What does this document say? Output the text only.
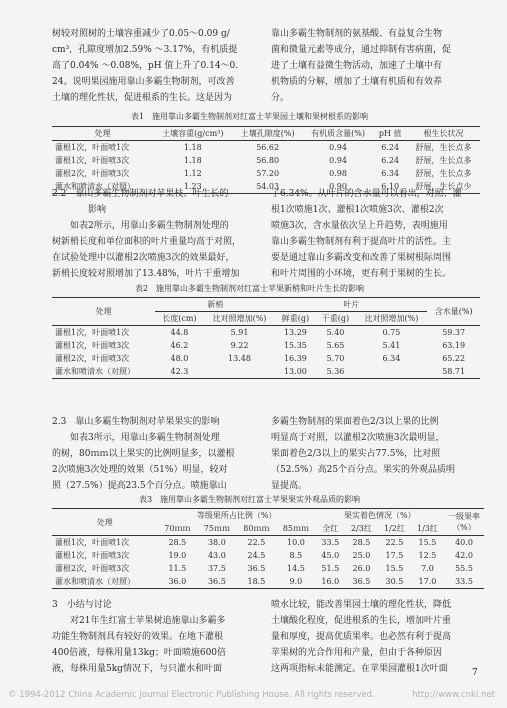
树较对照树的土壤容重减少了0.05～0.09 g/

cm³，孔隙度增加2.59% ～3.17%，有机质提

高了0.04% ～0.08%，pH 值上升了0.14～0.

24。说明果园施用靠山多霸生物制剂，可改善

土壤的理化性状，促进根系的生长。这是因为

靠山多霸生物制剂的氨基酸、有益复合生物

菌和微量元素等成分，通过抑制有害病菌，促

进了土壤有益微生物活动，加速了土壤中有

机物质的分解，增加了土壤有机质和有效养

分。

表1 施用靠山多霸生物制剂对红富士苹果园土壤和果树根系的影响
处理	土壤容重(g/cm³)	土壤孔隙度(%)	有机质含量(%)	pH 值	根生长状况
灌根1次，叶面喷1次	1.18	56.62	0.94	6.24	舒展，生长点多
灌根1次，叶面喷3次	1.18	56.80	0.94	6.24	舒展，生长点多
灌根2次，叶面喷3次	1.12	57.20	0.98	6.34	舒展，生长点多
灌水和喷清水（对照）	1.23	54.03	0.90	6.10	舒展，生长点少

2.2　靠山多霸生物制剂对苹果枝、叶生长的

影响

如表2所示，用靠山多霸生物制剂处理的

树新梢长度和单位面积的叶片重量均高于对照，

在试验处理中以灌根2次喷施3次的效果最好，

新梢长度较对照增加了13.48%，叶片干重增加

了6.34%。从叶片的含水量可以看出，对照、灌

根1次喷施1次、灌根1次喷施3次、灌根2次

喷施3次，含水量依次呈上升趋势，表明施用

靠山多霸生物制剂有利于提高叶片的活性。主

要是通过靠山多霸改变和改善了果树根际周围

和叶片周围的小环境，更有利于果树的生长。

表2 施用靠山多霸生物制剂对红富士苹果新梢和叶片生长的影响
处理	新梢		叶片			含水量(%)
	长度(cm)	比对照增加(%)	鲜重(g)	干重(g)	比对照增加(%)	
灌根1次，叶面喷1次	44.8	5.91	13.29	5.40	0.75	59.37
灌根1次，叶面喷3次	46.2	9.22	15.35	5.65	5.41	63.19
灌根2次，叶面喷3次	48.0	13.48	16.39	5.70	6.34	65.22
灌水和喷清水（对照）	42.3		13.00	5.36		58.71

2.3　靠山多霸生物制剂对苹果果实的影响

如表3所示，用靠山多霸生物制剂处理

的树，80ｍｍ以上果实的比例明显多，以灌根

2次喷施3次处理的效果（51%）明显，较对

照（27.5%）提高23.5个百分点。喷施靠山

多霸生物制剂的果面着色2/3以上果的比例

明显高于对照，以灌根2次喷施3次最明显，

果面着色2/3以上的果实占77.5%，比对照

（52.5%）高25个百分点。果实的外观品质明

显提高。

表3 施用靠山多霸生物制剂对红富士苹果果实外观品质的影响
处理	等级果所占比例（%）				果实着色情况（%）				一级果率（%）
	70ｍｍ	75ｍｍ	80ｍｍ	85ｍｍ	全红	2/3红	1/2红	1/3红	
灌根1次，叶面喷1次	28.5	38.0	22.5	10.0	33.5	28.5	22.5	15.5	40.0
灌根1次，叶面喷3次	19.0	43.0	24.5	8.5	45.0	25.0	17.5	12.5	42.0
灌根2次，叶面喷3次	11.5	37.5	36.5	14.5	51.5	26.0	15.5	7.0	55.5
灌水和喷清水（对照）	36.0	36.5	18.5	9.0	16.0	36.5	30.5	17.0	33.5

3　小结与讨论

对21年生红富士苹果树追施靠山多霸多

功能生物制剂具有较好的效果。在地下灌根

400倍液，每株用量13kg；叶面喷施600倍

液，每株用量5kg情况下，与只灌水和叶面

喷水比较，能改善果园土壤的理化性状，降低

土壤酸化程度，促进根系的生长，增加叶片重

量和厚度，提高优质果率。也必然有利于提高

苹果树的光合作用和产量，但由于各种原因

这两项指标未能测定。在苹果园灌根1次叶面	7
© 1994-2012 China Academic Journal Electronic Publishing House. All rights reserved.	http://www.cnki.net
